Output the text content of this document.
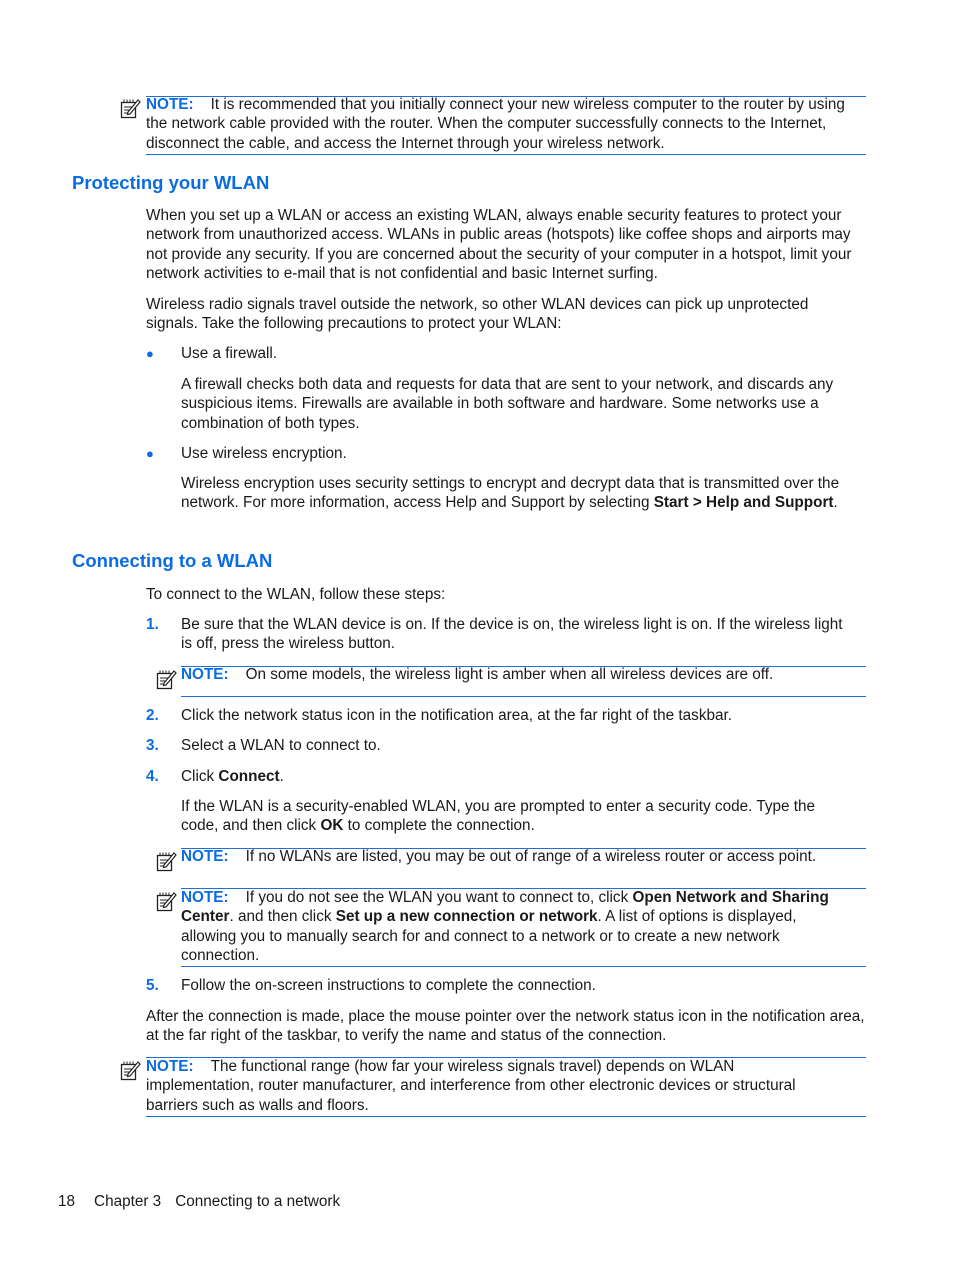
NOTE: It is recommended that you initially connect your new wireless computer to the router by using the network cable provided with the router. When the computer successfully connects to the Internet, disconnect the cable, and access the Internet through your wireless network.

Protecting your WLAN

When you set up a WLAN or access an existing WLAN, always enable security features to protect your network from unauthorized access. WLANs in public areas (hotspots) like coffee shops and airports may not provide any security. If you are concerned about the security of your computer in a hotspot, limit your network activities to e-mail that is not confidential and basic Internet surfing.

Wireless radio signals travel outside the network, so other WLAN devices can pick up unprotected signals. Take the following precautions to protect your WLAN:

● Use a firewall.

A firewall checks both data and requests for data that are sent to your network, and discards any suspicious items. Firewalls are available in both software and hardware. Some networks use a combination of both types.

● Use wireless encryption.

Wireless encryption uses security settings to encrypt and decrypt data that is transmitted over the network. For more information, access Help and Support by selecting Start > Help and Support.

Connecting to a WLAN

To connect to the WLAN, follow these steps:

1. Be sure that the WLAN device is on. If the device is on, the wireless light is on. If the wireless light is off, press the wireless button.

NOTE: On some models, the wireless light is amber when all wireless devices are off.

2. Click the network status icon in the notification area, at the far right of the taskbar.

3. Select a WLAN to connect to.

4. Click Connect.

If the WLAN is a security-enabled WLAN, you are prompted to enter a security code. Type the code, and then click OK to complete the connection.

NOTE: If no WLANs are listed, you may be out of range of a wireless router or access point.

NOTE: If you do not see the WLAN you want to connect to, click Open Network and Sharing
Center. and then click Set up a new connection or network. A list of options is displayed,
allowing you to manually search for and connect to a network or to create a new network
connection.
5. Follow the on-screen instructions to complete the connection.

After the connection is made, place the mouse pointer over the network status icon in the notification area, at the far right of the taskbar, to verify the name and status of the connection.

NOTE: The functional range (how far your wireless signals travel) depends on WLAN implementation, router manufacturer, and interference from other electronic devices or structural barriers such as walls and floors.

18 Chapter 3 Connecting to a network
